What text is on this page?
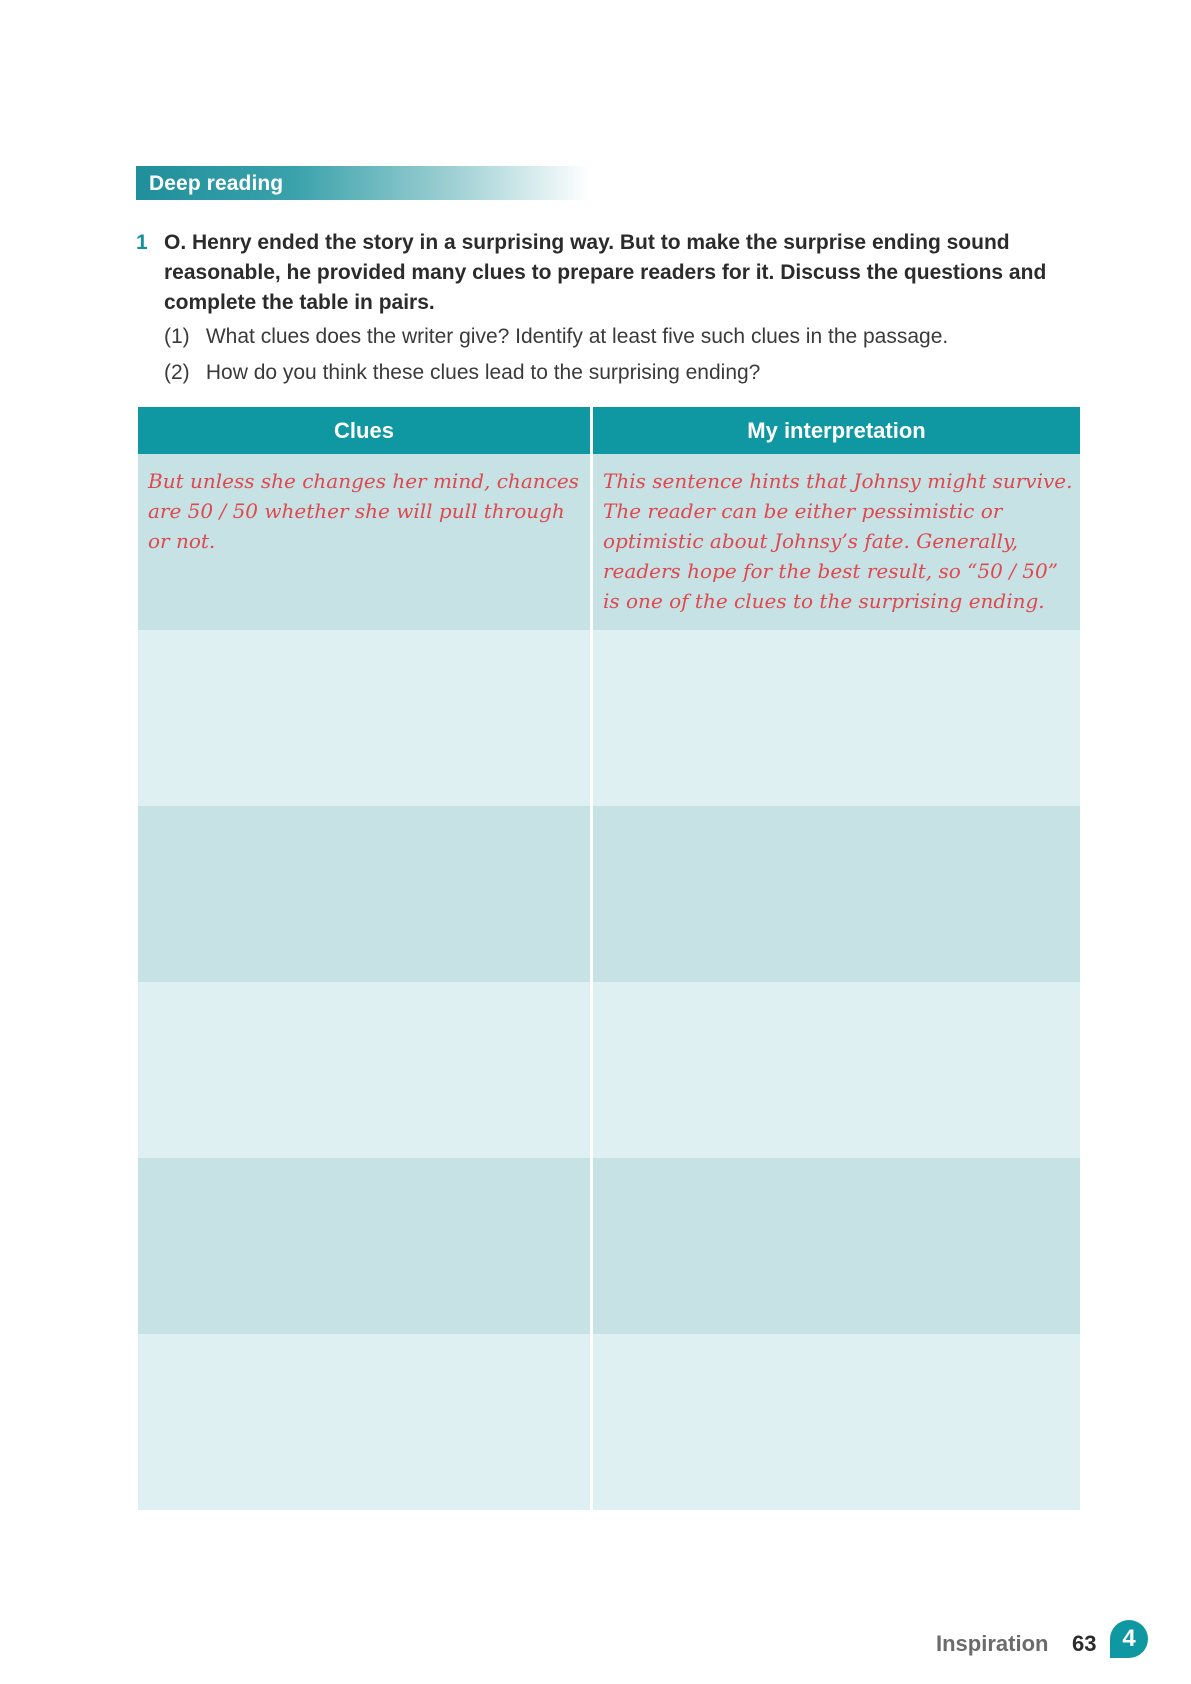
Deep reading
1 O. Henry ended the story in a surprising way. But to make the surprise ending sound reasonable, he provided many clues to prepare readers for it. Discuss the questions and complete the table in pairs.
(1) What clues does the writer give? Identify at least five such clues in the passage.
(2) How do you think these clues lead to the surprising ending?
Clues	My interpretation
But unless she changes her mind, chances are 50 / 50 whether she will pull through or not.
This sentence hints that Johnsy might survive. The reader can be either pessimistic or optimistic about Johnsy’s fate. Generally, readers hope for the best result, so “50 / 50” is one of the clues to the surprising ending.
Inspiration 63	4
